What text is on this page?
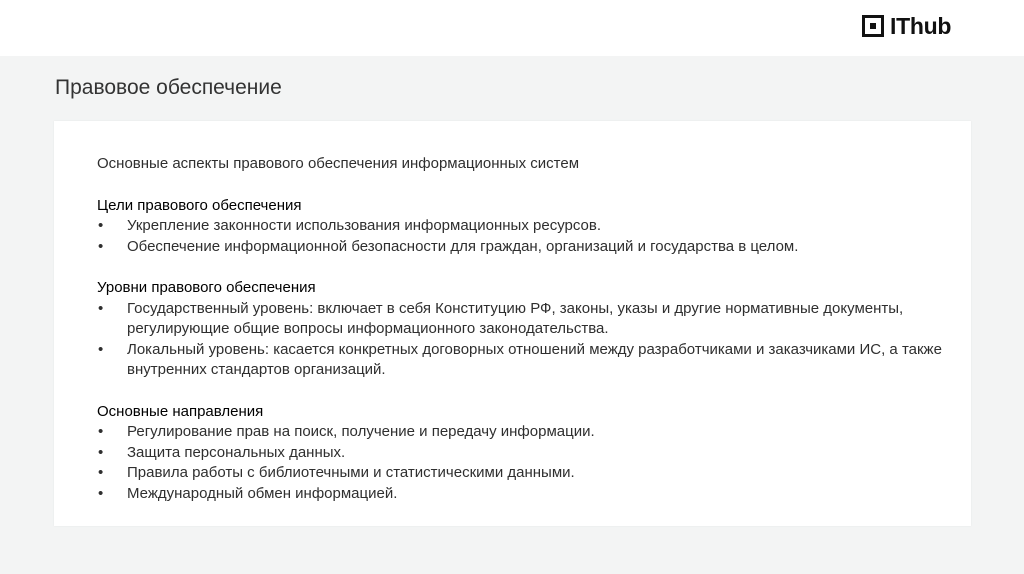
IThub
Правовое обеспечение

Основные аспекты правового обеспечения информационных систем

Цели правового обеспечения

• Укрепление законности использования информационных ресурсов.
• Обеспечение информационной безопасности для граждан, организаций и государства в целом.

Уровни правового обеспечения

• Государственный уровень: включает в себя Конституцию РФ, законы, указы и другие нормативные документы, регулирующие общие вопросы информационного законодательства.
• Локальный уровень: касается конкретных договорных отношений между разработчиками и заказчиками ИС, а также внутренних стандартов организаций.

Основные направления

• Регулирование прав на поиск, получение и передачу информации.
• Защита персональных данных.
• Правила работы с библиотечными и статистическими данными.
• Международный обмен информацией.
